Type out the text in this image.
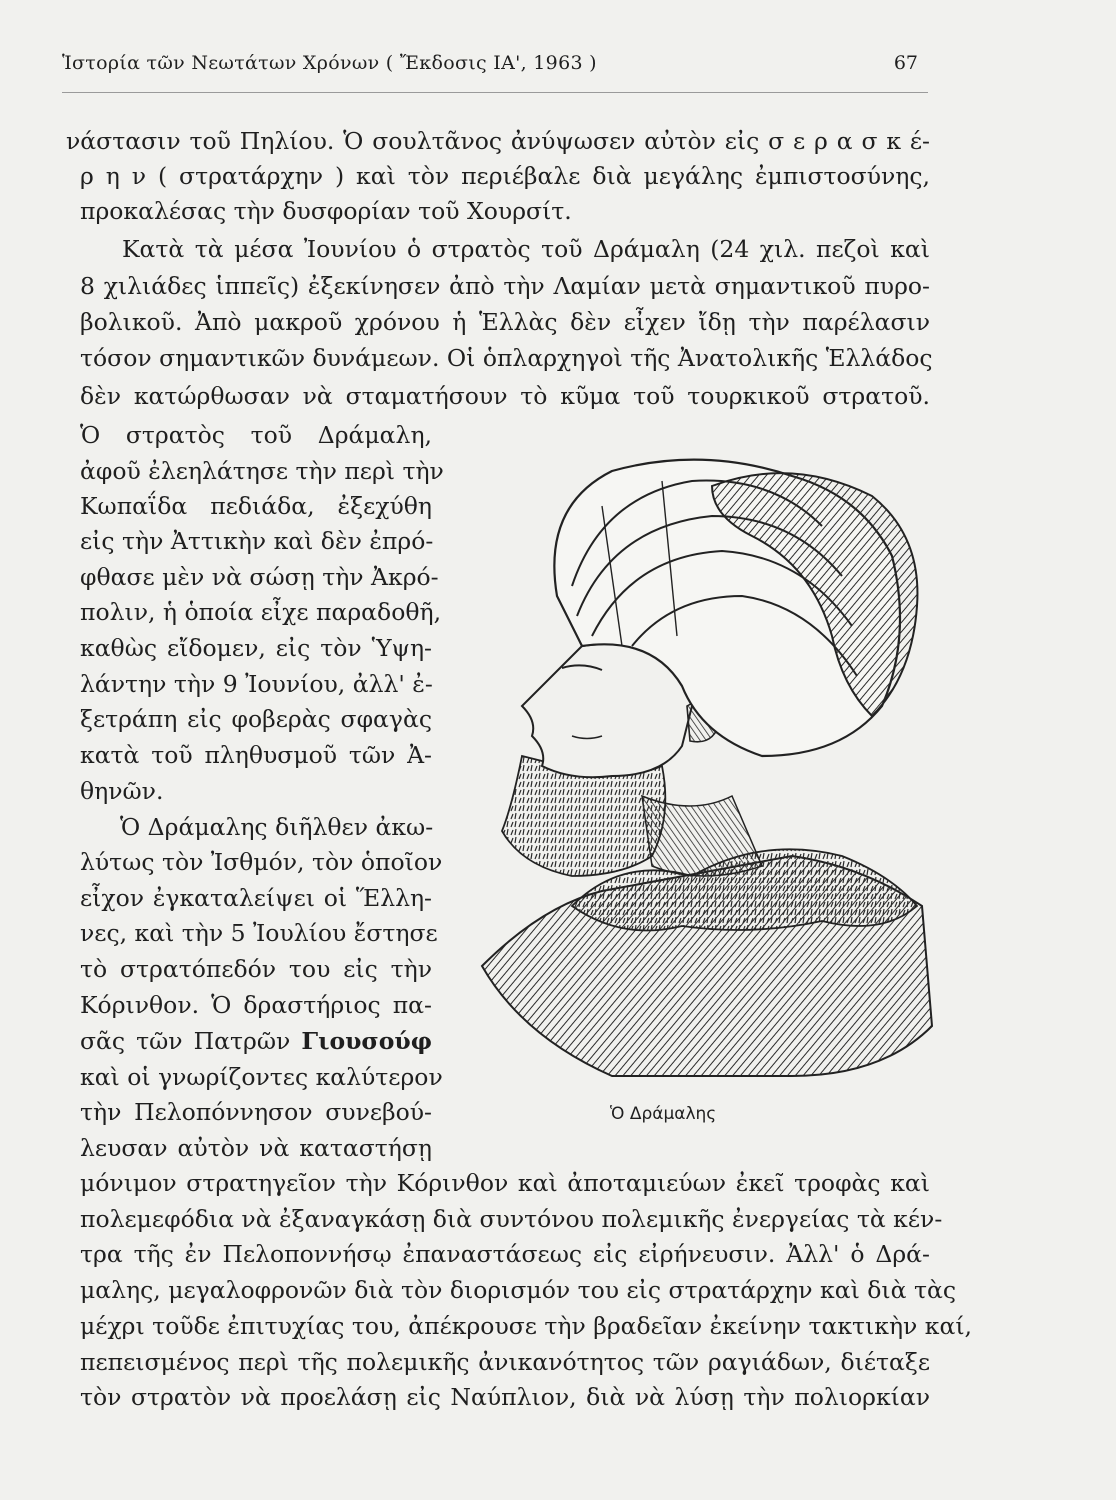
Ἱστορία τῶν Νεωτάτων Χρόνων ( Ἔκδοσις ΙΑ', 1963 )	67
νάστασιν τοῦ Πηλίου. Ὁ σουλτᾶνος ἀνύψωσεν αὐτὸν εἰς σ ε ρ α σ κ έ-
ρ η ν ( στρατάρχην ) καὶ τὸν περιέβαλε διὰ μεγάλης ἐμπιστοσύνης,
προκαλέσας τὴν δυσφορίαν τοῦ Χουρσίτ.
Κατὰ τὰ μέσα Ἰουνίου ὁ στρατὸς τοῦ Δράμαλη (24 χιλ. πεζοὶ καὶ
8 χιλιάδες ἱππεῖς) ἐξεκίνησεν ἀπὸ τὴν Λαμίαν μετὰ σημαντικοῦ πυρο-
βολικοῦ. Ἀπὸ μακροῦ χρόνου ἡ Ἑλλὰς δὲν εἶχεν ἴδῃ τὴν παρέλασιν
τόσον σημαντικῶν δυνάμεων. Οἱ ὁπλαρχηγοὶ τῆς Ἀνατολικῆς Ἑλλάδος
δὲν κατώρθωσαν νὰ σταματήσουν τὸ κῦμα τοῦ τουρκικοῦ στρατοῦ.
Ὁ στρατὸς τοῦ Δράμαλη,
ἀφοῦ ἐλεηλάτησε τὴν περὶ τὴν
Κωπαΐδα πεδιάδα, ἐξεχύθη
εἰς τὴν Ἀττικὴν καὶ δὲν ἐπρό-
φθασε μὲν νὰ σώσῃ τὴν Ἀκρό-
πολιν, ἡ ὁποία εἶχε παραδοθῆ,
καθὼς εἴδομεν, εἰς τὸν Ὑψη-
λάντην τὴν 9 Ἰουνίου, ἀλλ' ἐ-
ξετράπη εἰς φοβερὰς σφαγὰς
κατὰ τοῦ πληθυσμοῦ τῶν Ἀ-
θηνῶν.
Ὁ Δράμαλης διῆλθεν ἀκω-
λύτως τὸν Ἰσθμόν, τὸν ὁποῖον
εἶχον ἐγκαταλείψει οἱ Ἕλλη-
νες, καὶ τὴν 5 Ἰουλίου ἔστησε
τὸ στρατόπεδόν του εἰς τὴν
Κόρινθον. Ὁ δραστήριος πα-
σᾶς τῶν Πατρῶν Γιουσούφ
καὶ οἱ γνωρίζοντες καλύτερον
τὴν Πελοπόννησον συνεβού-
λευσαν αὐτὸν νὰ καταστήσῃ
Ὁ Δράμαλης
μόνιμον στρατηγεῖον τὴν Κόρινθον καὶ ἀποταμιεύων ἐκεῖ τροφὰς καὶ
πολεμεφόδια νὰ ἐξαναγκάσῃ διὰ συντόνου πολεμικῆς ἐνεργείας τὰ κέν-
τρα τῆς ἐν Πελοποννήσῳ ἐπαναστάσεως εἰς εἰρήνευσιν. Ἀλλ' ὁ Δρά-
μαλης, μεγαλοφρονῶν διὰ τὸν διορισμόν του εἰς στρατάρχην καὶ διὰ τὰς
μέχρι τοῦδε ἐπιτυχίας του, ἀπέκρουσε τὴν βραδεῖαν ἐκείνην τακτικὴν καί,
πεπεισμένος περὶ τῆς πολεμικῆς ἀνικανότητος τῶν ραγιάδων, διέταξε
τὸν στρατὸν νὰ προελάσῃ εἰς Ναύπλιον, διὰ νὰ λύσῃ τὴν πολιορκίαν
